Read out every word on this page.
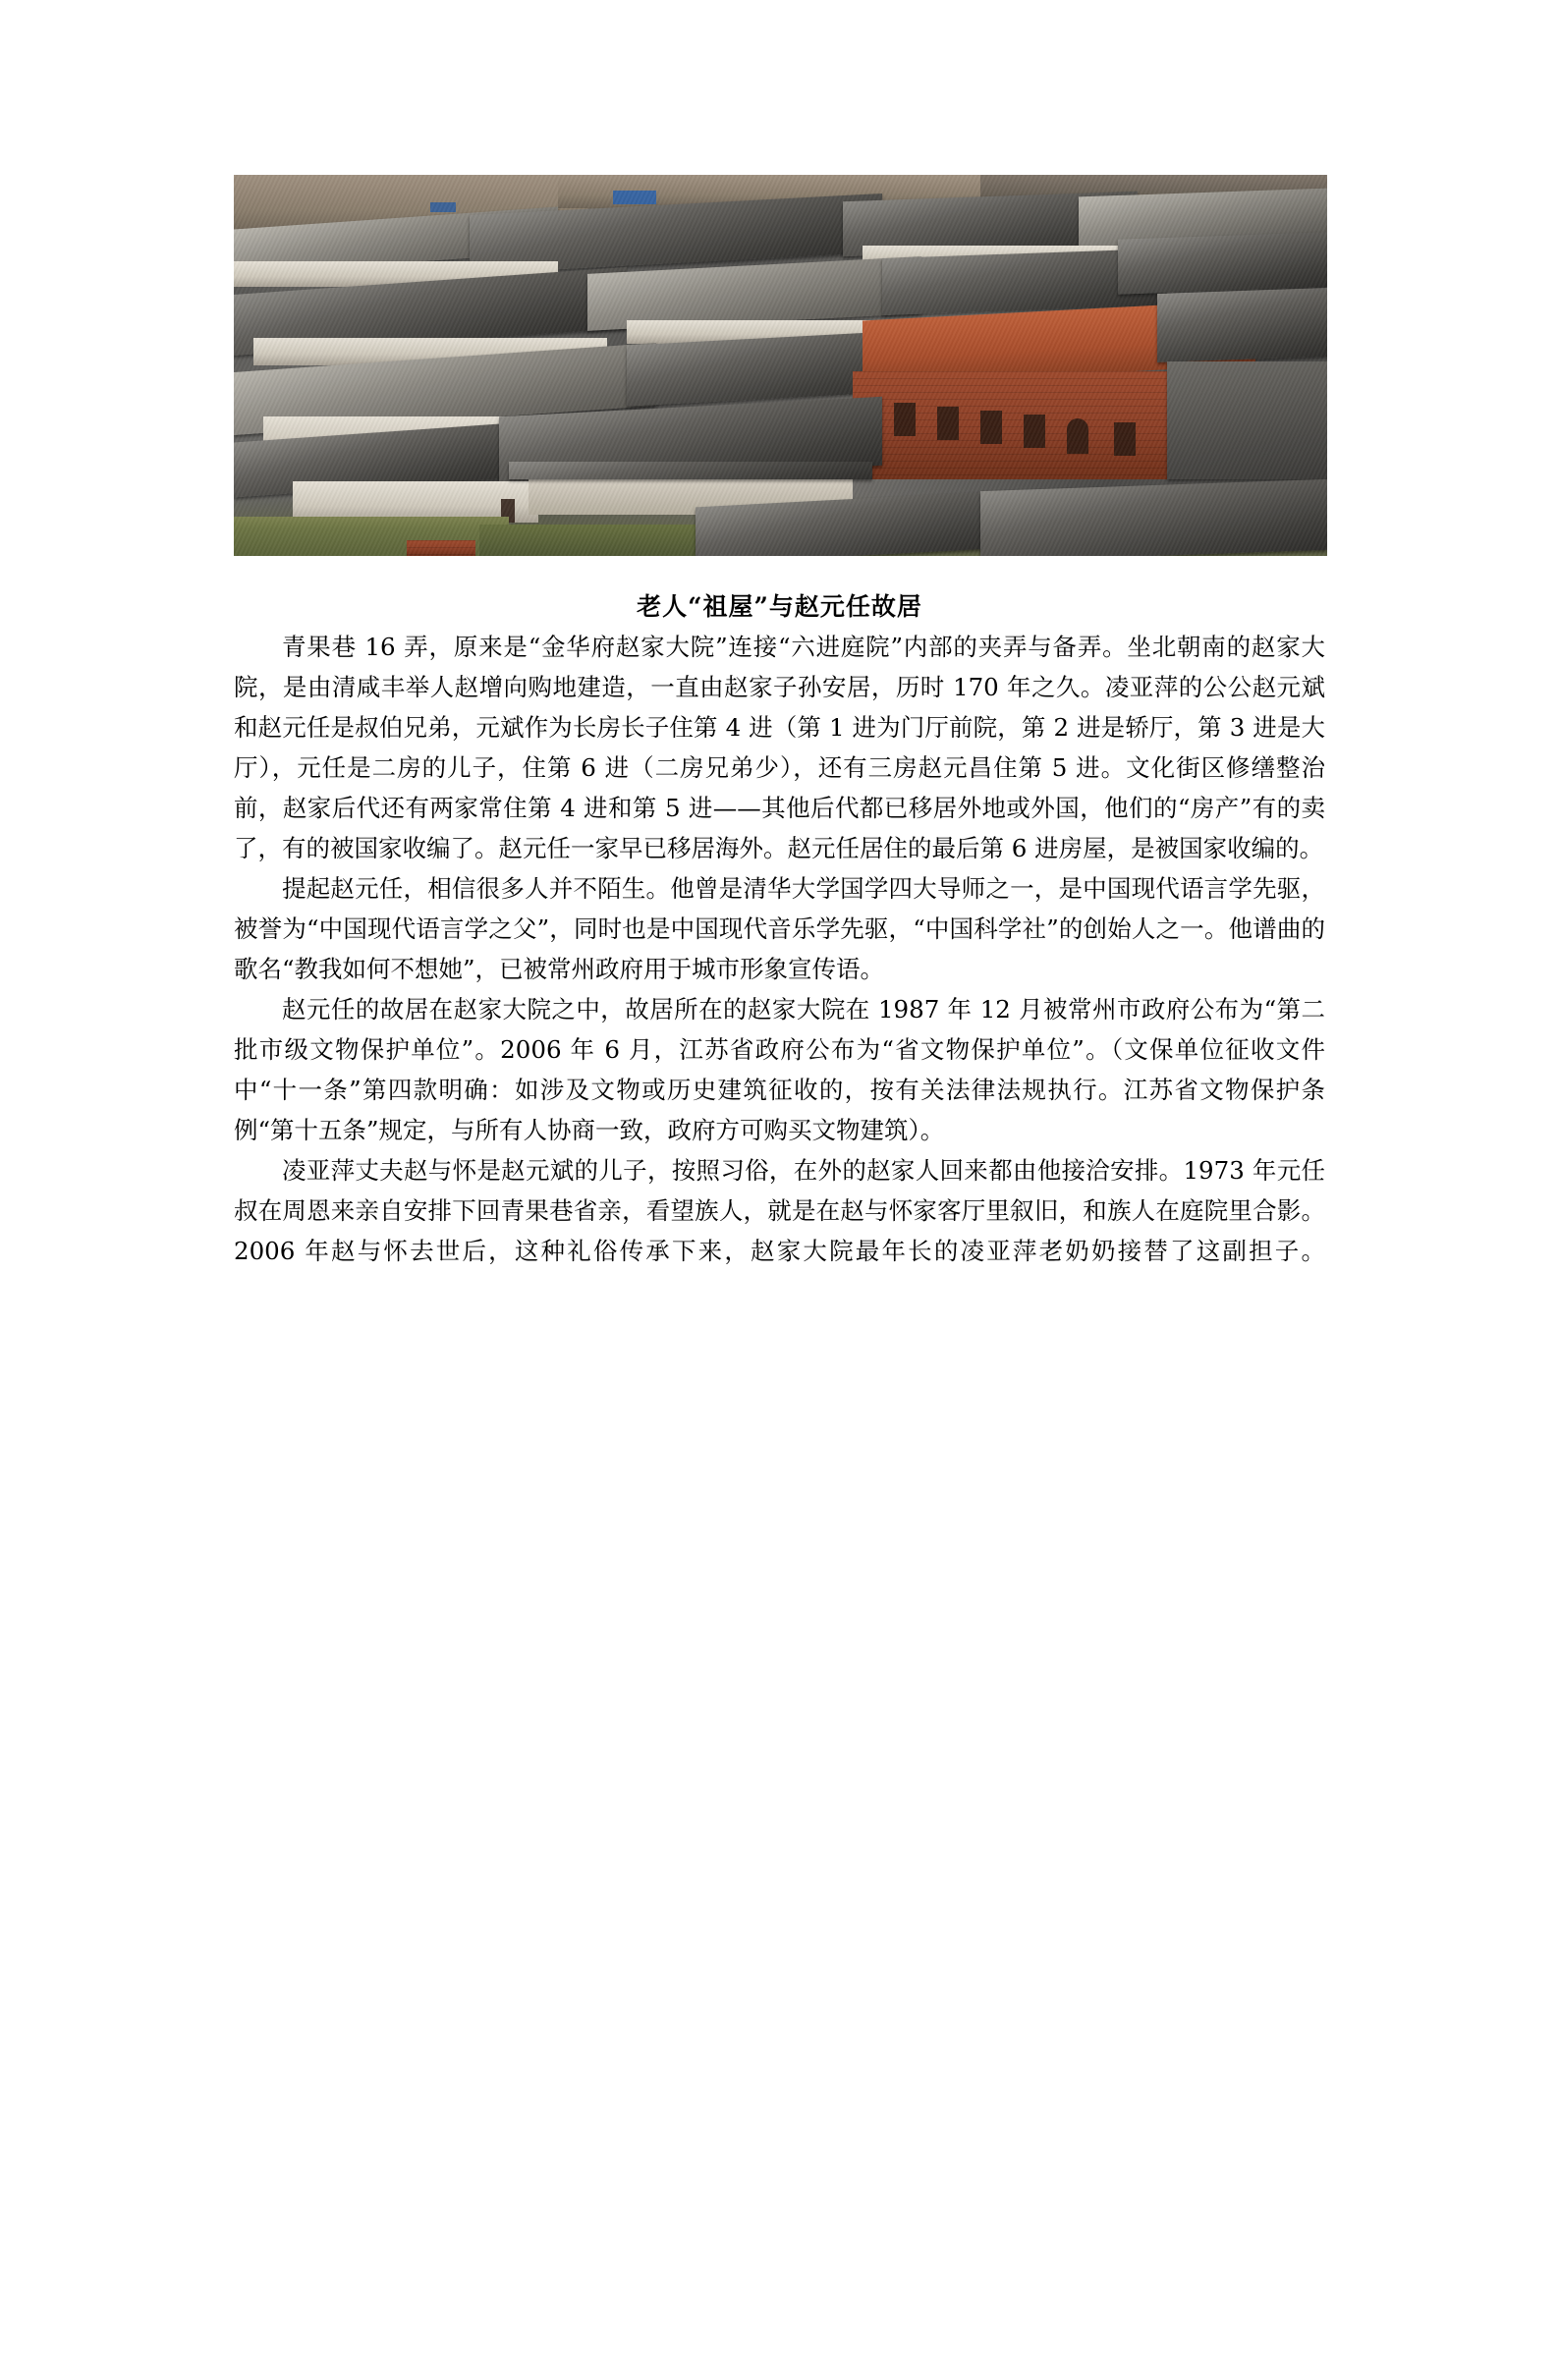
老人“祖屋”与赵元任故居

青果巷 16 弄，原来是“金华府赵家大院”连接“六进庭院”内部的夹弄与备弄。坐北朝南的赵家大院，是由清咸丰举人赵增向购地建造，一直由赵家子孙安居，历时 170 年之久。凌亚萍的公公赵元斌和赵元任是叔伯兄弟，元斌作为长房长子住第 4 进（第 1 进为门厅前院，第 2 进是轿厅，第 3 进是大厅），元任是二房的儿子，住第 6 进（二房兄弟少），还有三房赵元昌住第 5 进。文化街区修缮整治前，赵家后代还有两家常住第 4 进和第 5 进——其他后代都已移居外地或外国，他们的“房产”有的卖了，有的被国家收编了。赵元任一家早已移居海外。赵元任居住的最后第 6 进房屋，是被国家收编的。

提起赵元任，相信很多人并不陌生。他曾是清华大学国学四大导师之一，是中国现代语言学先驱，被誉为“中国现代语言学之父”，同时也是中国现代音乐学先驱，“中国科学社”的创始人之一。他谱曲的歌名“教我如何不想她”，已被常州政府用于城市形象宣传语。

赵元任的故居在赵家大院之中，故居所在的赵家大院在 1987 年 12 月被常州市政府公布为“第二批市级文物保护单位”。2006 年 6 月，江苏省政府公布为“省文物保护单位”。（文保单位征收文件中“十一条”第四款明确：如涉及文物或历史建筑征收的，按有关法律法规执行。江苏省文物保护条例“第十五条”规定，与所有人协商一致，政府方可购买文物建筑）。

凌亚萍丈夫赵与怀是赵元斌的儿子，按照习俗，在外的赵家人回来都由他接洽安排。1973 年元任叔在周恩来亲自安排下回青果巷省亲，看望族人，就是在赵与怀家客厅里叙旧，和族人在庭院里合影。2006 年赵与怀去世后，这种礼俗传承下来，赵家大院最年长的凌亚萍老奶奶接替了这副担子。
